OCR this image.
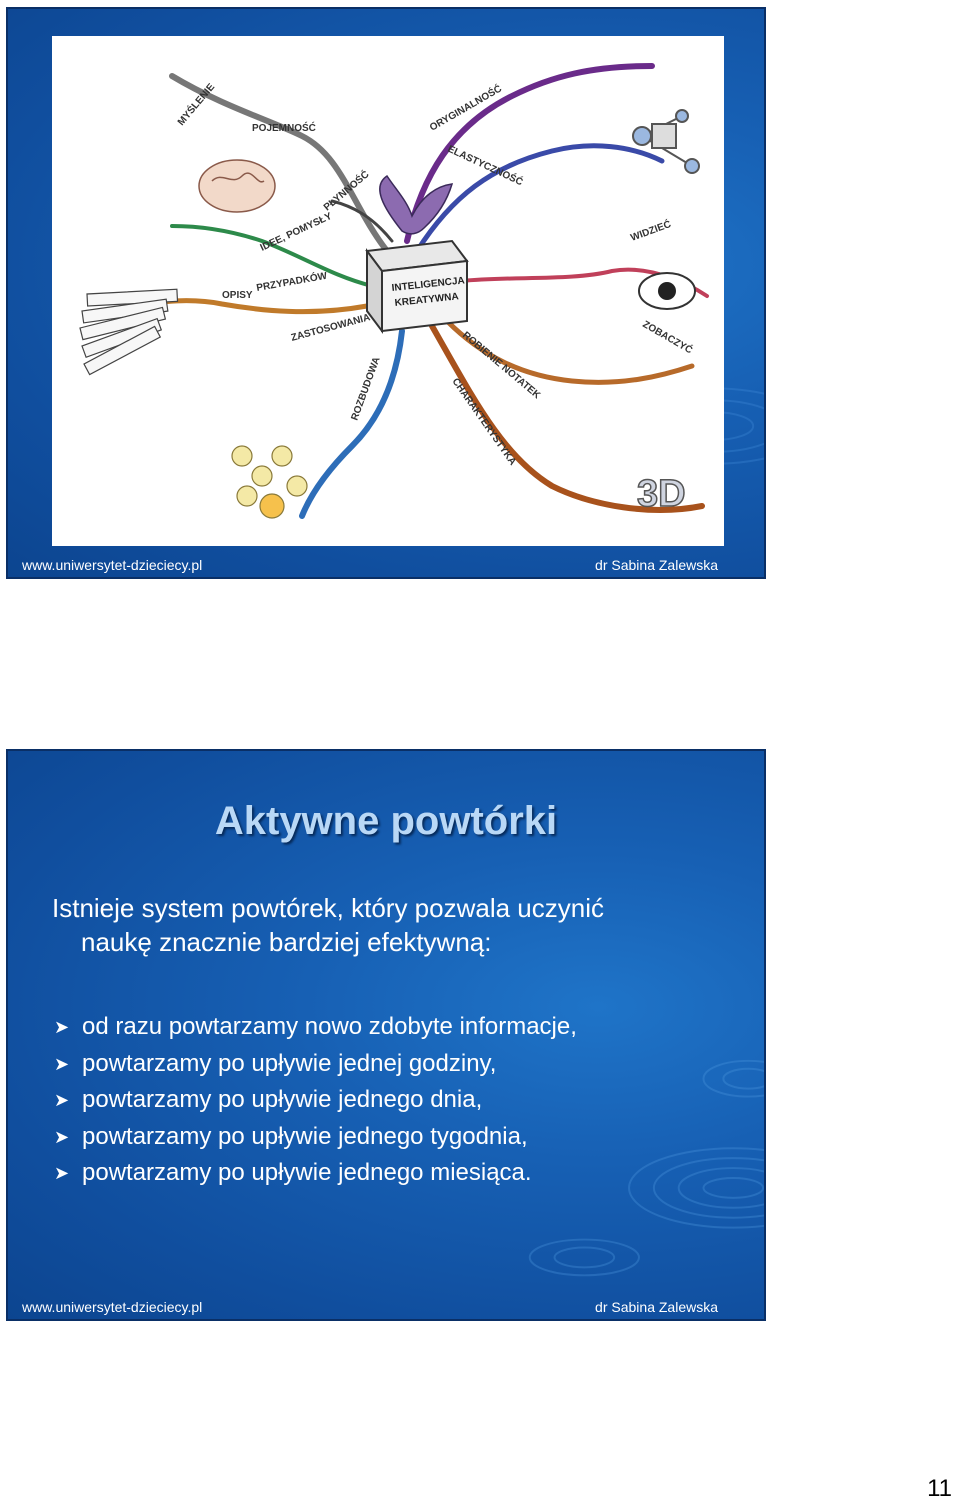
INTELIGENCJA
KREATYWNA
3D
ORYGINALNOŚĆ
ELASTYCZNOŚĆ
PŁYNNOŚĆ
ZASTOSOWANIA
ROZBUDOWA	ROBIENIE NOTATEK
CHARAKTERYSTYKA
OPISY
PRZYPADKÓW
IDEE, POMYSŁY
MYŚLENIE
POJEMNOŚĆ
WIDZIEĆ
ZOBACZYĆ
www.uniwersytet-dzieciecy.pl	dr Sabina Zalewska
Aktywne powtórki
Istnieje system powtórek, który pozwala uczynić
naukę znacznie bardziej efektywną:
➤ od razu powtarzamy nowo zdobyte informacje,
➤ powtarzamy po upływie jednej godziny,
➤ powtarzamy po upływie jednego dnia,
➤ powtarzamy po upływie jednego tygodnia,
➤ powtarzamy po upływie jednego miesiąca.
www.uniwersytet-dzieciecy.pl	dr Sabina Zalewska
11
